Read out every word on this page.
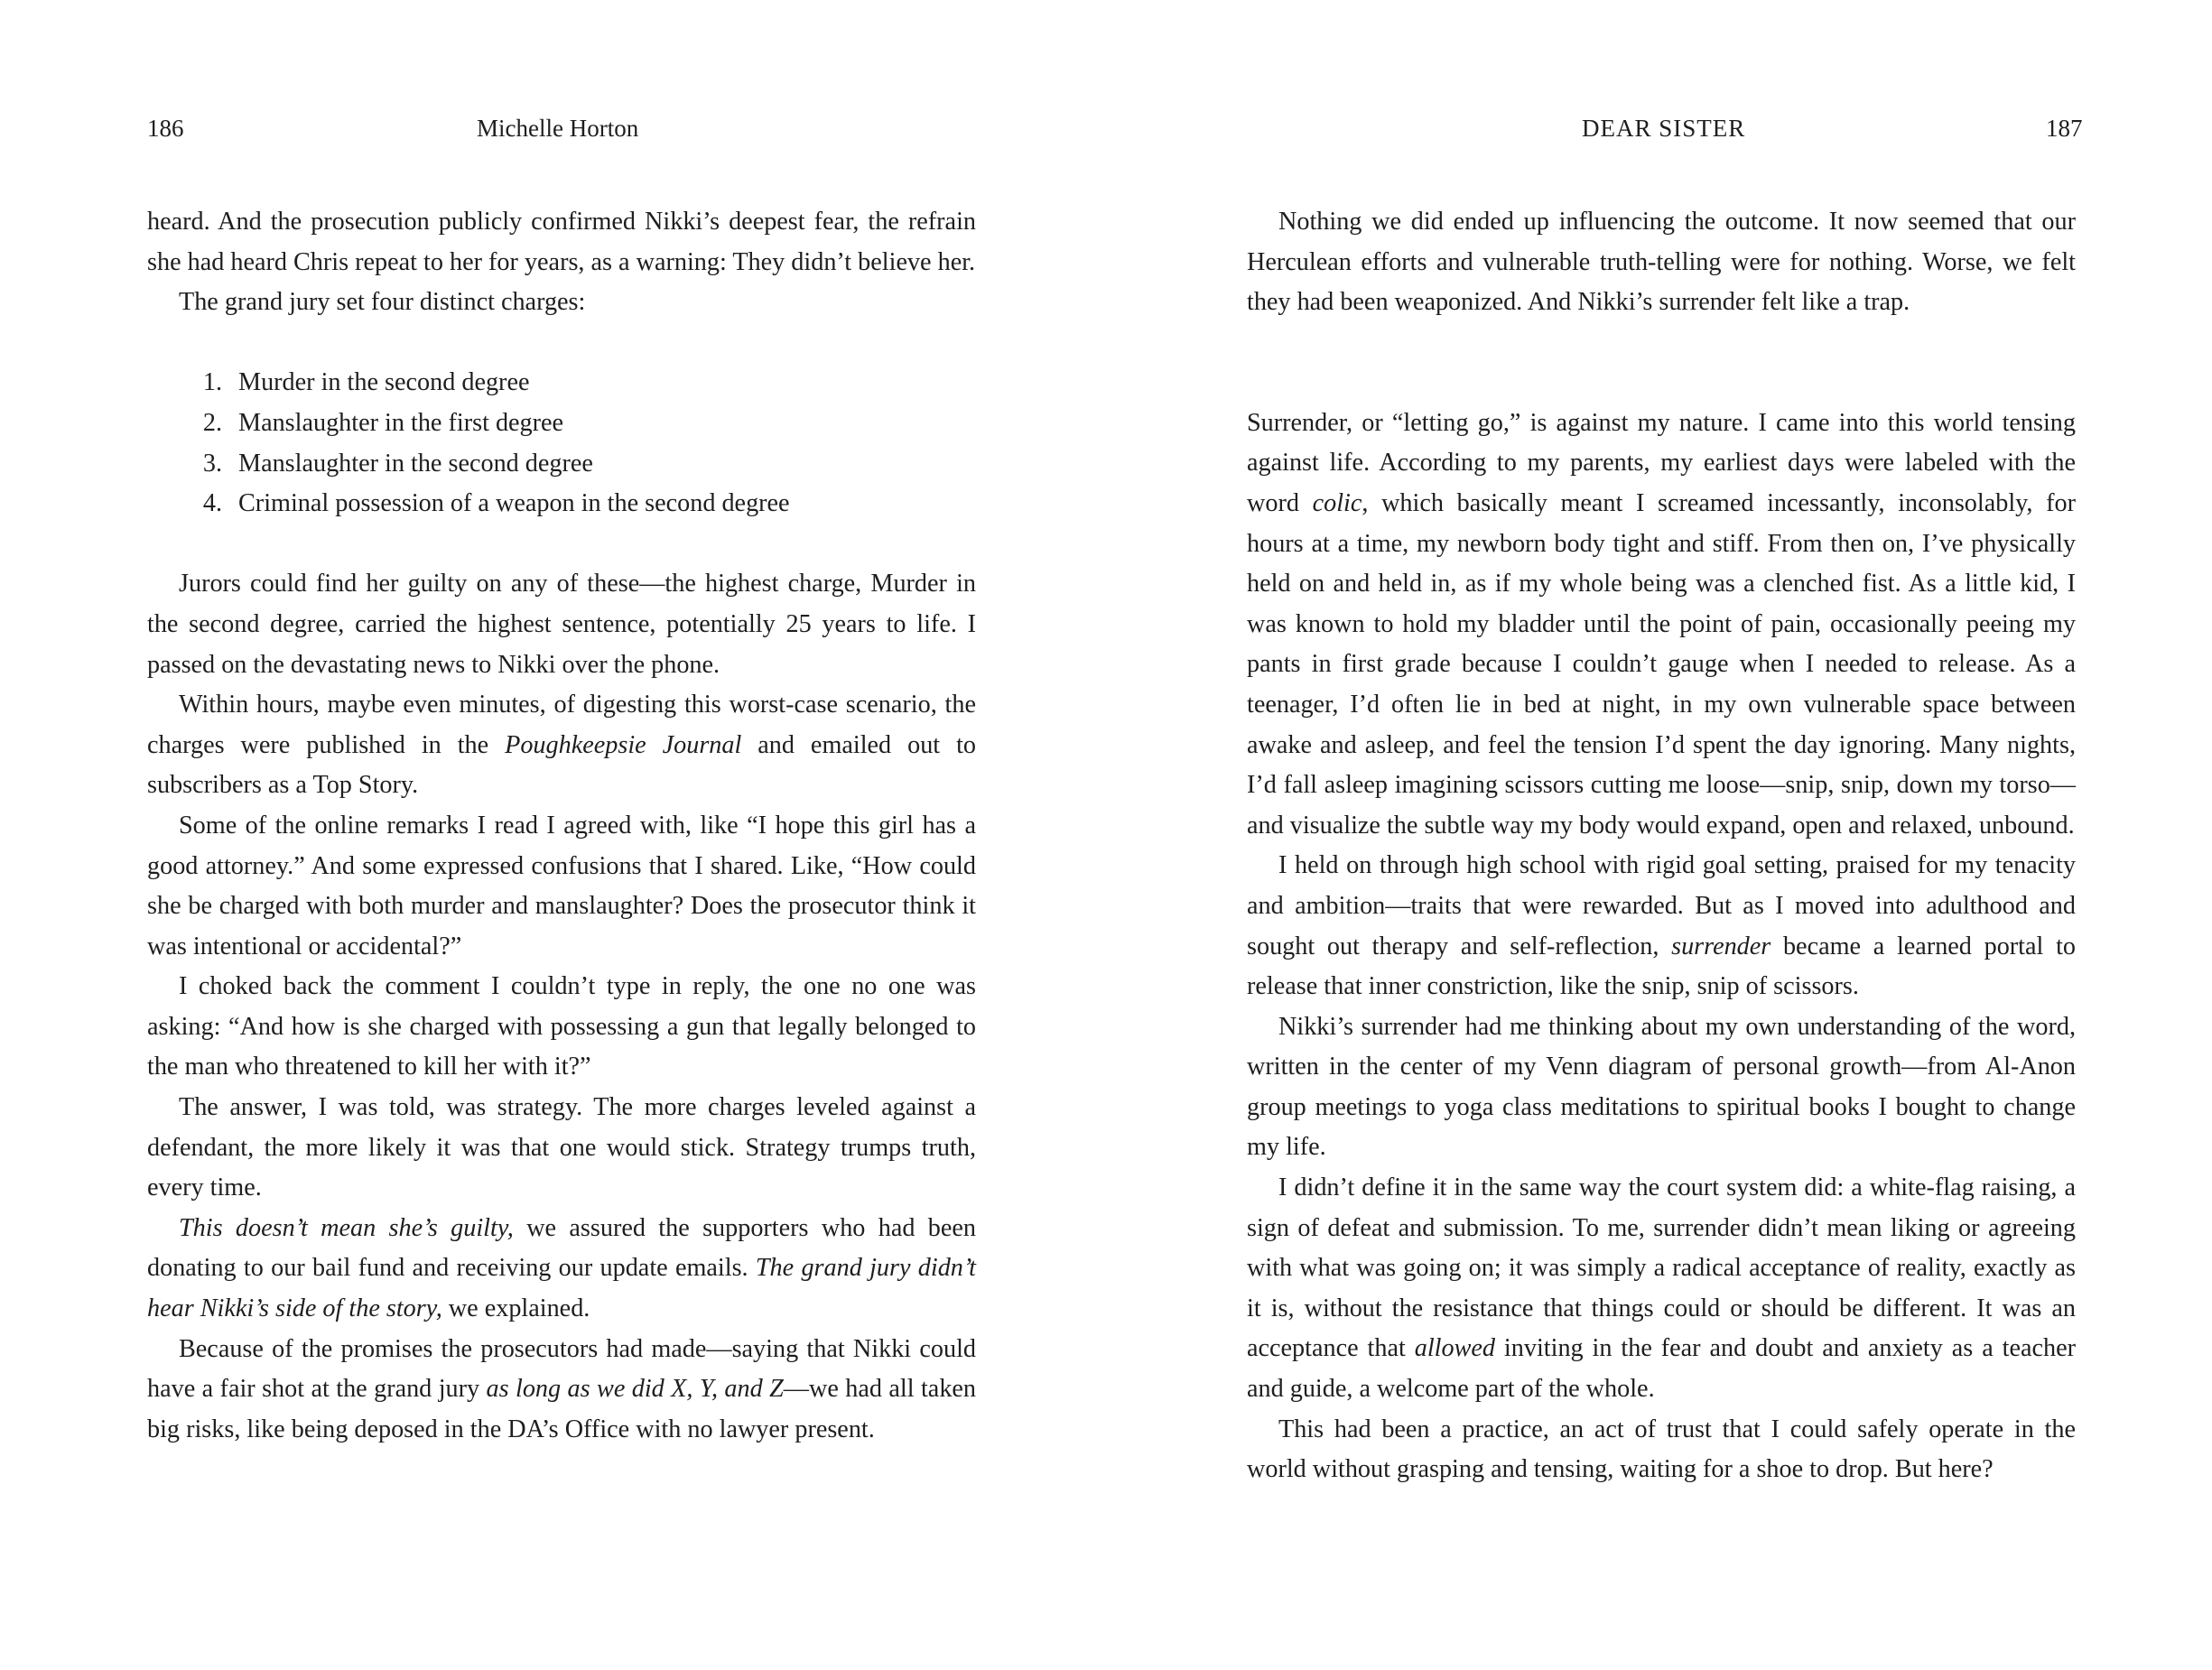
186	Michelle Horton

heard. And the prosecution publicly confirmed Nikki’s deepest fear, the refrain she had heard Chris repeat to her for years, as a warning: They didn’t believe her.

The grand jury set four distinct charges:

1. Murder in the second degree
2. Manslaughter in the first degree
3. Manslaughter in the second degree
4. Criminal possession of a weapon in the second degree

Jurors could find her guilty on any of these—the highest charge, Murder in the second degree, carried the highest sentence, potentially 25 years to life. I passed on the devastating news to Nikki over the phone.

Within hours, maybe even minutes, of digesting this worst-case scenario, the charges were published in the Poughkeepsie Journal and emailed out to subscribers as a Top Story.

Some of the online remarks I read I agreed with, like “I hope this girl has a good attorney.” And some expressed confusions that I shared. Like, “How could she be charged with both murder and manslaughter? Does the prosecutor think it was intentional or accidental?”

I choked back the comment I couldn’t type in reply, the one no one was asking: “And how is she charged with possessing a gun that legally belonged to the man who threatened to kill her with it?”

The answer, I was told, was strategy. The more charges leveled against a defendant, the more likely it was that one would stick. Strategy trumps truth, every time.

This doesn’t mean she’s guilty, we assured the supporters who had been donating to our bail fund and receiving our update emails. The grand jury didn’t hear Nikki’s side of the story, we explained.

Because of the promises the prosecutors had made—saying that Nikki could have a fair shot at the grand jury as long as we did X, Y, and Z—we had all taken big risks, like being deposed in the DA’s Office with no lawyer present.

DEAR SISTER	187

Nothing we did ended up influencing the outcome. It now seemed that our Herculean efforts and vulnerable truth-telling were for nothing. Worse, we felt they had been weaponized. And Nikki’s surrender felt like a trap.

Surrender, or “letting go,” is against my nature. I came into this world tensing against life. According to my parents, my earliest days were labeled with the word colic, which basically meant I screamed incessantly, inconsolably, for hours at a time, my newborn body tight and stiff. From then on, I’ve physically held on and held in, as if my whole being was a clenched fist. As a little kid, I was known to hold my bladder until the point of pain, occasionally peeing my pants in first grade because I couldn’t gauge when I needed to release. As a teenager, I’d often lie in bed at night, in my own vulnerable space between awake and asleep, and feel the tension I’d spent the day ignoring. Many nights, I’d fall asleep imagining scissors cutting me loose—snip, snip, down my torso—and visualize the subtle way my body would expand, open and relaxed, unbound.

I held on through high school with rigid goal setting, praised for my tenacity and ambition—traits that were rewarded. But as I moved into adulthood and sought out therapy and self-reflection, surrender became a learned portal to release that inner constriction, like the snip, snip of scissors.

Nikki’s surrender had me thinking about my own understanding of the word, written in the center of my Venn diagram of personal growth—from Al-Anon group meetings to yoga class meditations to spiritual books I bought to change my life.

I didn’t define it in the same way the court system did: a white-flag raising, a sign of defeat and submission. To me, surrender didn’t mean liking or agreeing with what was going on; it was simply a radical acceptance of reality, exactly as it is, without the resistance that things could or should be different. It was an acceptance that allowed inviting in the fear and doubt and anxiety as a teacher and guide, a welcome part of the whole.

This had been a practice, an act of trust that I could safely operate in the world without grasping and tensing, waiting for a shoe to drop. But here?
